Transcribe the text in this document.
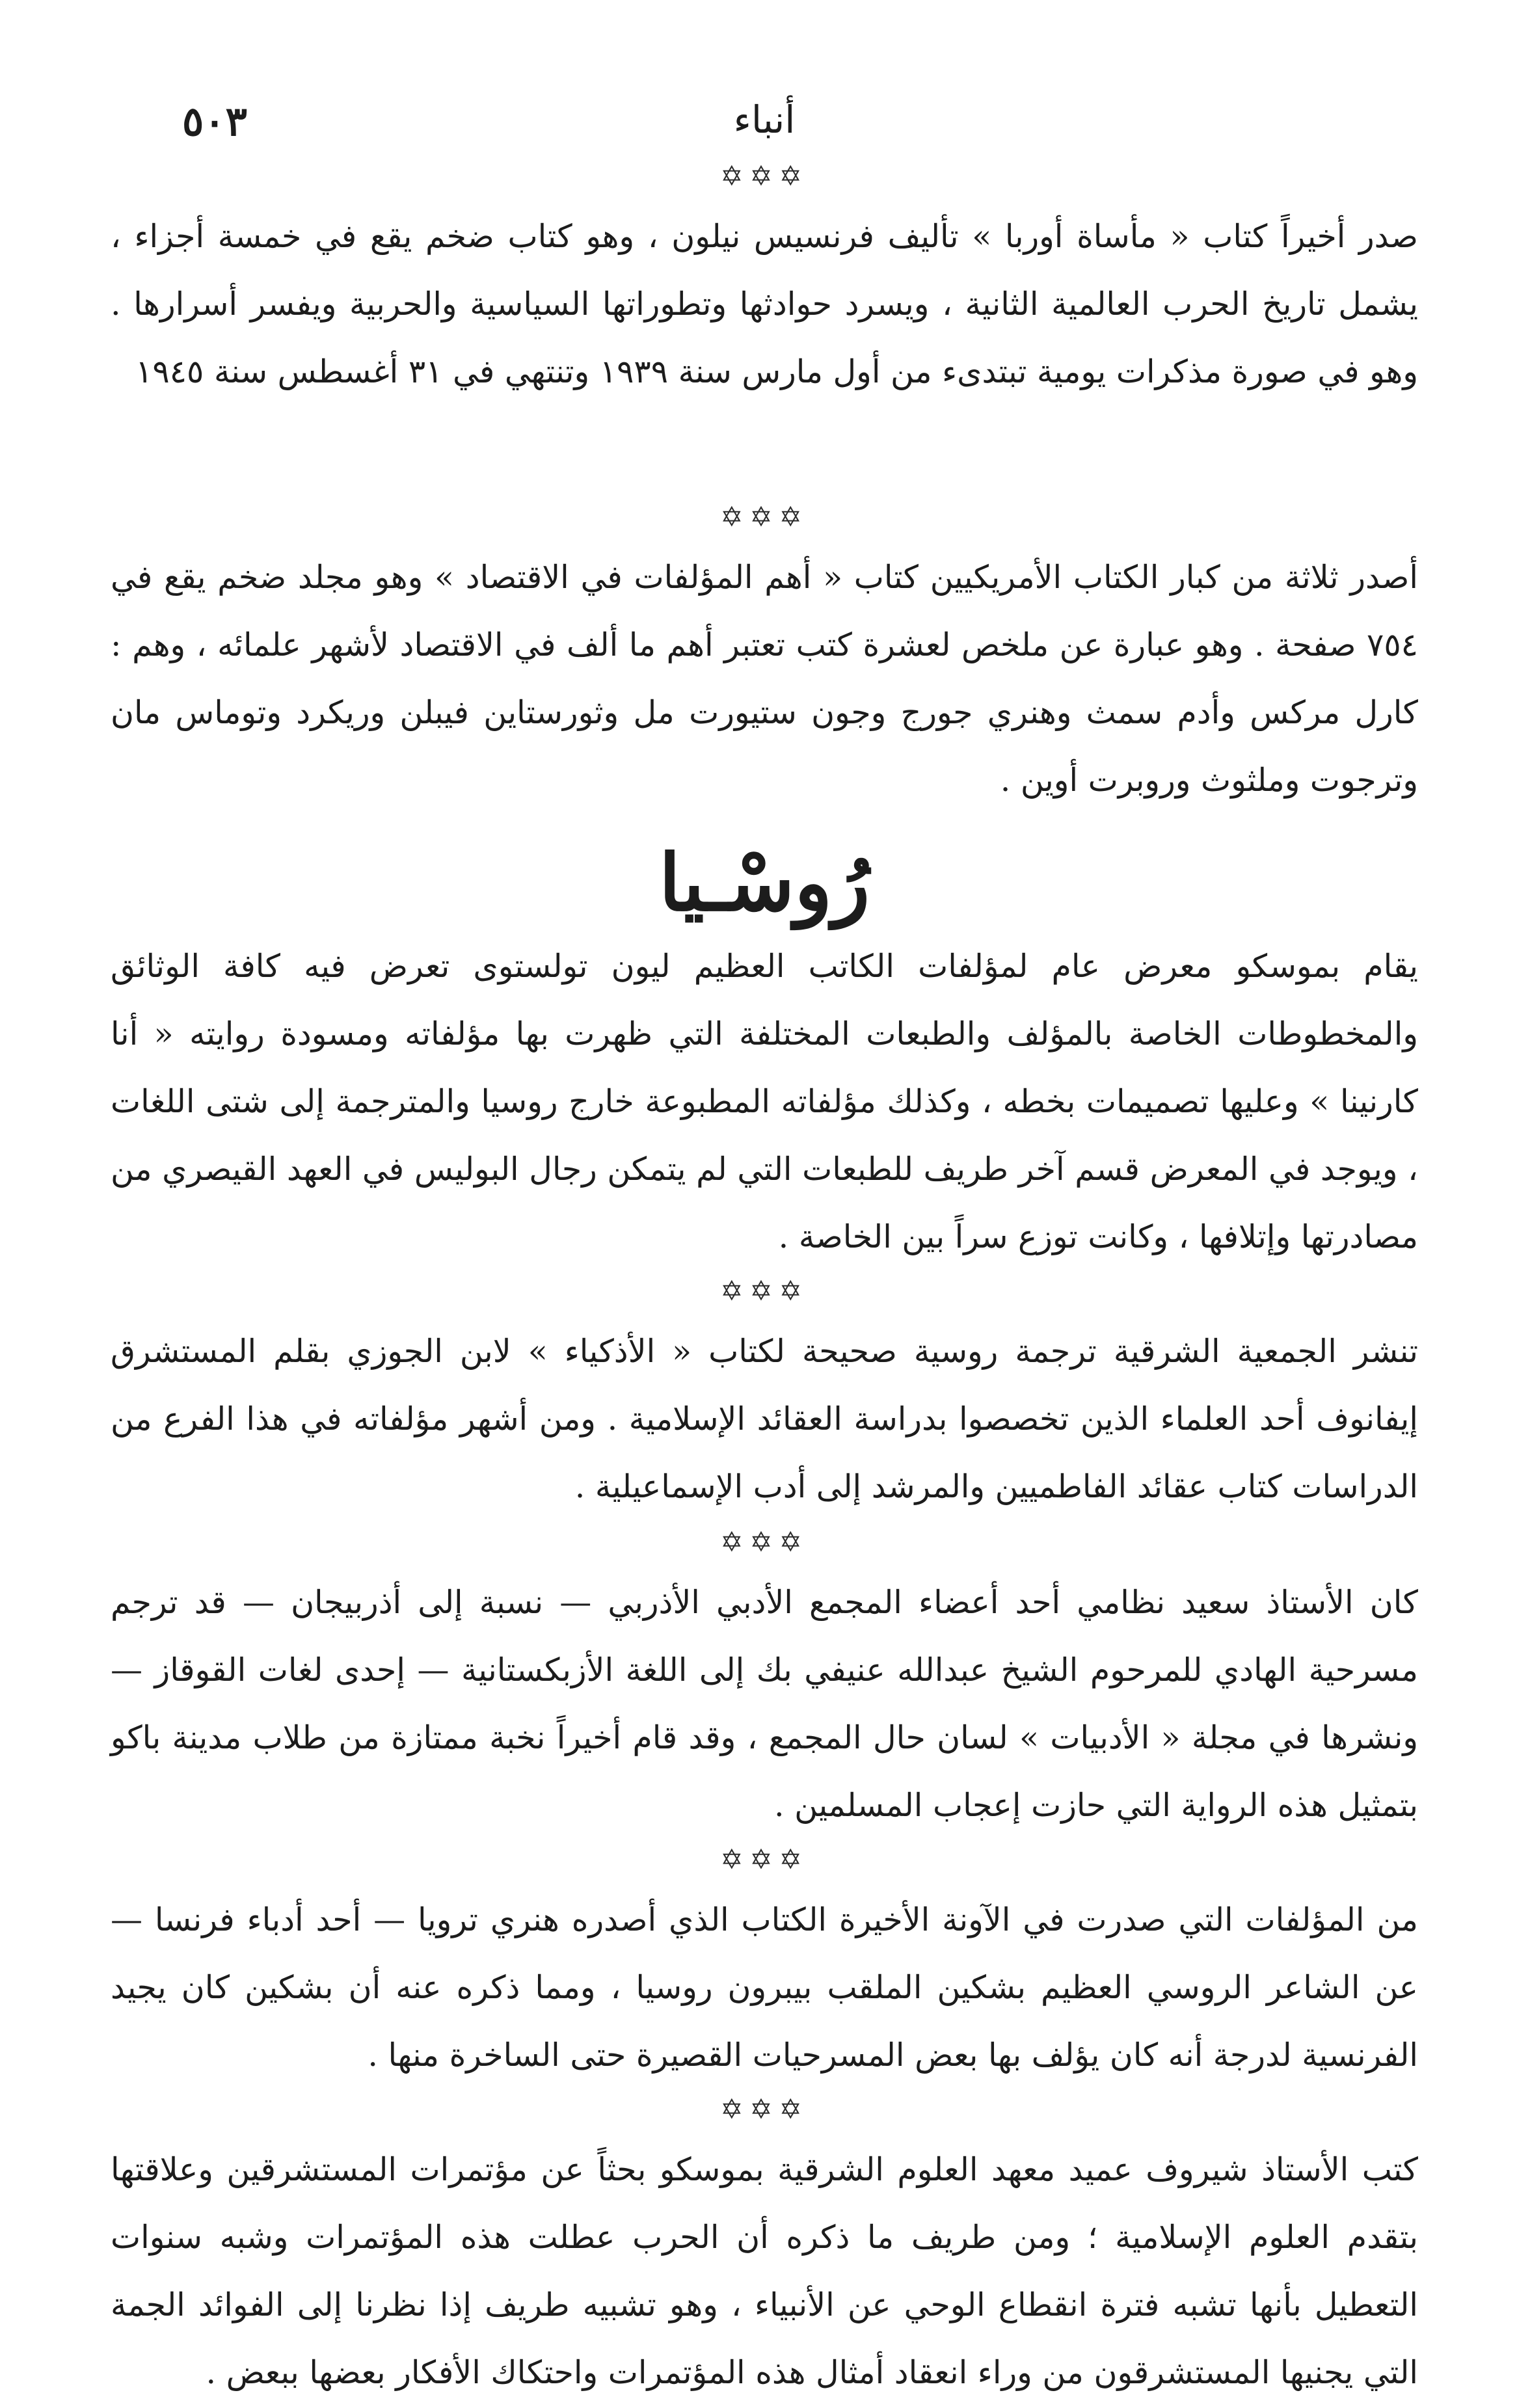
أنباء
٥٠٣
✡✡✡

صدر أخيراً كتاب « مأساة أوربا » تأليف فرنسيس نيلون ، وهو كتاب ضخم يقع في خمسة أجزاء ، يشمل تاريخ الحرب العالمية الثانية ، ويسرد حوادثها وتطوراتها السياسية والحربية ويفسر أسرارها . وهو في صورة مذكرات يومية تبتدىء من أول مارس سنة ١٩٣٩ وتنتهي في ٣١ أغسطس سنة ١٩٤٥

✡✡✡

أصدر ثلاثة من كبار الكتاب الأمريكيين كتاب « أهم المؤلفات في الاقتصاد » وهو مجلد ضخم يقع في ٧٥٤ صفحة . وهو عبارة عن ملخص لعشرة كتب تعتبر أهم ما ألف في الاقتصاد لأشهر علمائه ، وهم : كارل مركس وأدم سمث وهنري جورج وجون ستيورت مل وثورستاين فيبلن وريكرد وتوماس مان وترجوت وملثوث وروبرت أوين .

رُوسْـيا

يقام بموسكو معرض عام لمؤلفات الكاتب العظيم ليون تولستوى تعرض فيه كافة الوثائق والمخطوطات الخاصة بالمؤلف والطبعات المختلفة التي ظهرت بها مؤلفاته ومسودة روايته « أنا كارنينا » وعليها تصميمات بخطه ، وكذلك مؤلفاته المطبوعة خارج روسيا والمترجمة إلى شتى اللغات ، ويوجد في المعرض قسم آخر طريف للطبعات التي لم يتمكن رجال البوليس في العهد القيصري من مصادرتها وإتلافها ، وكانت توزع سراً بين الخاصة .

✡✡✡

تنشر الجمعية الشرقية ترجمة روسية صحيحة لكتاب « الأذكياء » لابن الجوزي بقلم المستشرق إيفانوف أحد العلماء الذين تخصصوا بدراسة العقائد الإسلامية . ومن أشهر مؤلفاته في هذا الفرع من الدراسات كتاب عقائد الفاطميين والمرشد إلى أدب الإسماعيلية .

✡✡✡

كان الأستاذ سعيد نظامي أحد أعضاء المجمع الأدبي الأذربي — نسبة إلى أذربيجان — قد ترجم مسرحية الهادي للمرحوم الشيخ عبدالله عنيفي بك إلى اللغة الأزبكستانية — إحدى لغات القوقاز — ونشرها في مجلة « الأدبيات » لسان حال المجمع ، وقد قام أخيراً نخبة ممتازة من طلاب مدينة باكو بتمثيل هذه الرواية التي حازت إعجاب المسلمين .

✡✡✡

من المؤلفات التي صدرت في الآونة الأخيرة الكتاب الذي أصدره هنري ترويا — أحد أدباء فرنسا — عن الشاعر الروسي العظيم بشكين الملقب بيبرون روسيا ، ومما ذكره عنه أن بشكين كان يجيد الفرنسية لدرجة أنه كان يؤلف بها بعض المسرحيات القصيرة حتى الساخرة منها .

✡✡✡

كتب الأستاذ شيروف عميد معهد العلوم الشرقية بموسكو بحثاً عن مؤتمرات المستشرقين وعلاقتها بتقدم العلوم الإسلامية ؛ ومن طريف ما ذكره أن الحرب عطلت هذه المؤتمرات وشبه سنوات التعطيل بأنها تشبه فترة انقطاع الوحي عن الأنبياء ، وهو تشبيه طريف إذا نظرنا إلى الفوائد الجمة التي يجنيها المستشرقون من وراء انعقاد أمثال هذه المؤتمرات واحتكاك الأفكار بعضها ببعض .
